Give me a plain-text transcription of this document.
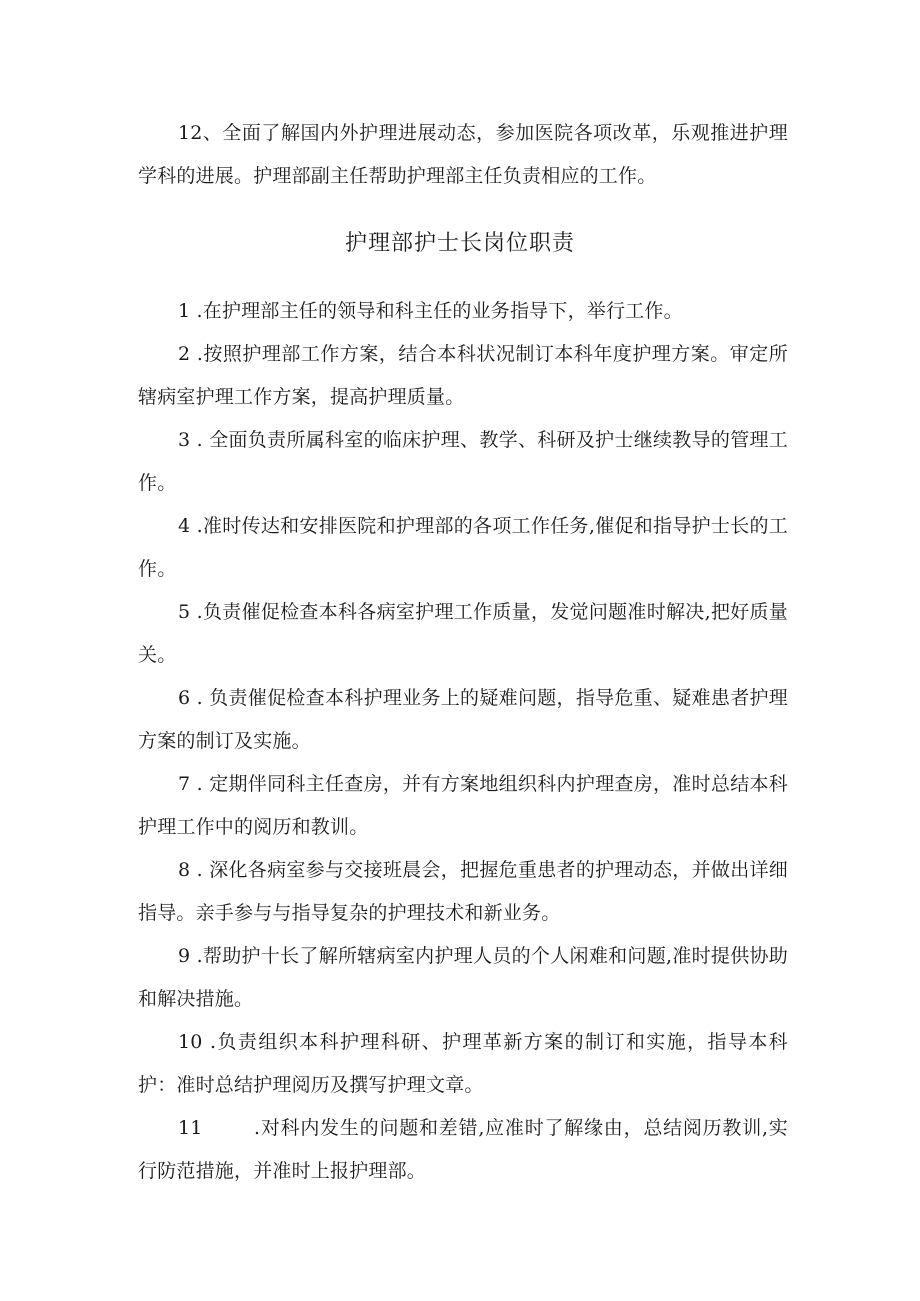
12、全面了解国内外护理进展动态，参加医院各项改革，乐观推进护理学科的进展。护理部副主任帮助护理部主任负责相应的工作。

护理部护士长岗位职责

1 .在护理部主任的领导和科主任的业务指导下，举行工作。

2 .按照护理部工作方案，结合本科状况制订本科年度护理方案。审定所辖病室护理工作方案，提高护理质量。

3 . 全面负责所属科室的临床护理、教学、科研及护士继续教导的管理工作。

4 .准时传达和安排医院和护理部的各项工作任务,催促和指导护士长的工作。

5 .负责催促检查本科各病室护理工作质量，发觉问题准时解决,把好质量关。

6 . 负责催促检查本科护理业务上的疑难问题，指导危重、疑难患者护理方案的制订及实施。

7 . 定期伴同科主任查房，并有方案地组织科内护理查房，准时总结本科护理工作中的阅历和教训。

8 . 深化各病室参与交接班晨会，把握危重患者的护理动态，并做出详细指导。亲手参与与指导复杂的护理技术和新业务。

9 .帮助护十长了解所辖病室内护理人员的个人闲难和问题,准时提供协助和解决措施。

10 .负责组织本科护理科研、护理革新方案的制订和实施，指导本科护：准时总结护理阅历及撰写护理文章。

11	.对科内发生的问题和差错,应准时了解缘由，总结阅历教训,实行防范措施，并准时上报护理部。
